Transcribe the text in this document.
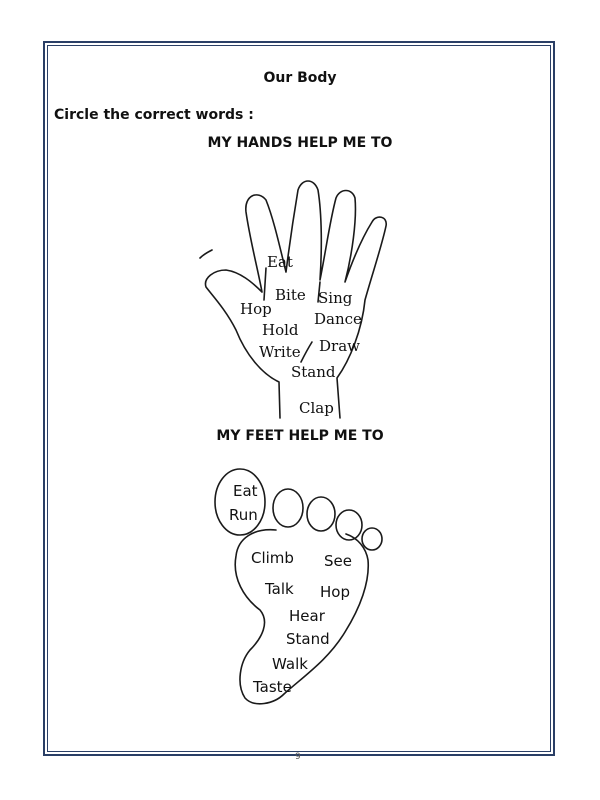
Our Body
Circle the correct words :
MY HANDS HELP ME TO
MY FEET HELP ME TO
Eat
Bite Sing
Hop
Dance
Hold
Write Draw
Stand
Clap
Eat
Run
Climb See
Talk Hop
Hear
Stand
Walk
Taste
9
